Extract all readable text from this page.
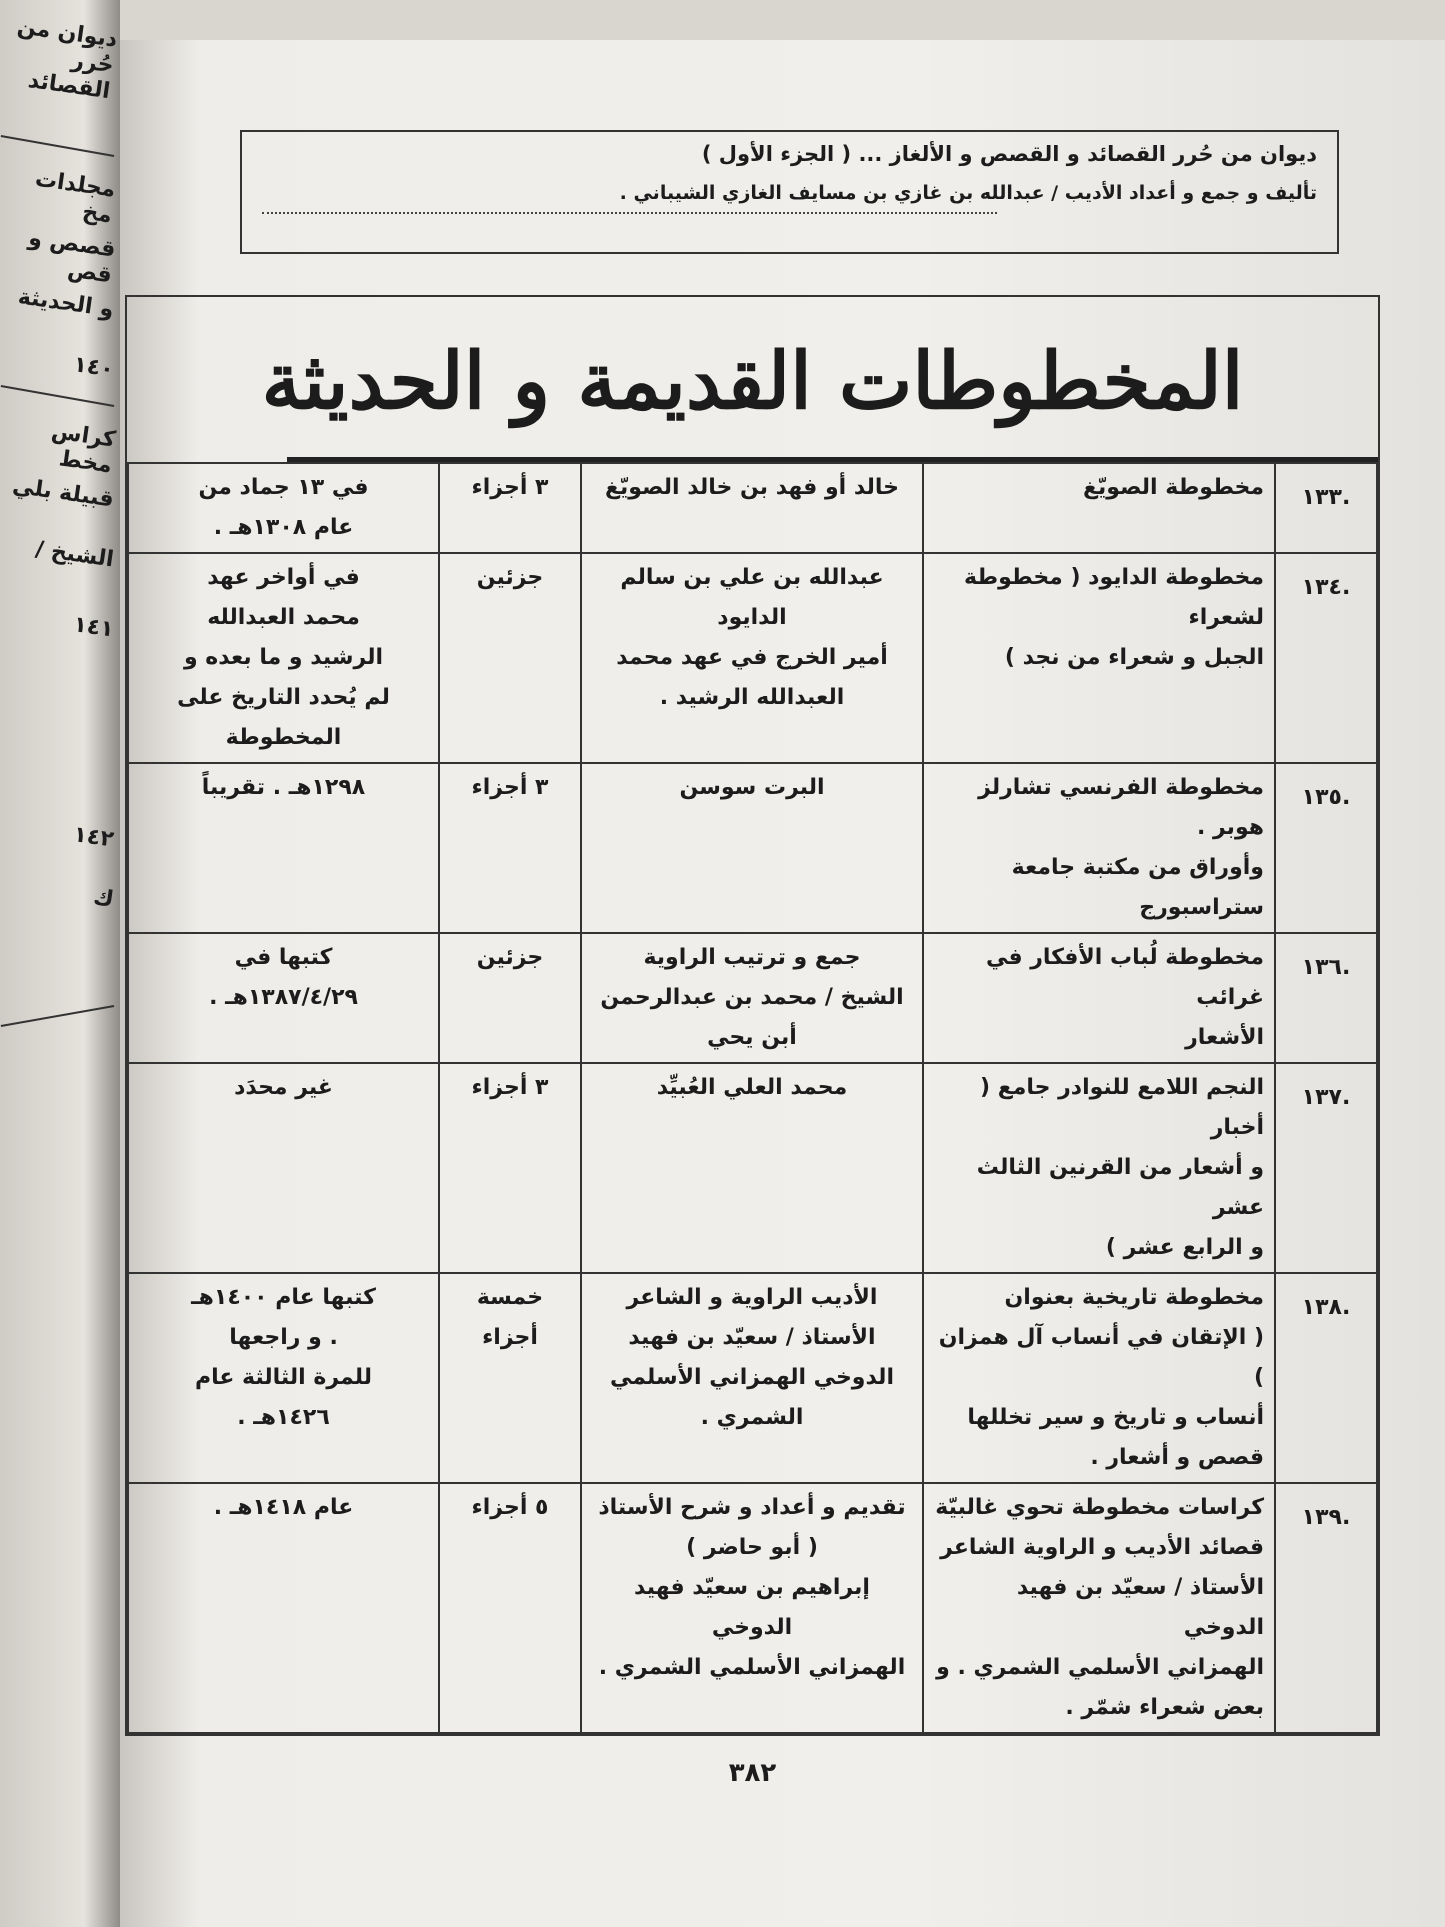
ديوان من حُرر القصائد
مجلدات مخ
قصص و قص
و الحديثة
١٤٠
كراس مخط
قبيلة بلي
الشيخ /
١٤١
١٤٢
ك
ديوان من حُرر القصائد و القصص و الألغاز ... ( الجزء الأول )
تأليف و جمع و أعداد الأديب / عبدالله بن غازي بن مسايف الغازي الشيباني .
المخطوطات القديمة و الحديثة
.١٣٣	مخطوطة الصويّغ	خالد أو فهد بن خالد الصويّغ	٣ أجزاء	في ١٣ جماد من
عام ١٣٠٨هـ .

.١٣٤	مخطوطة الدايود ( مخطوطة لشعراء
الجبل و شعراء من نجد )	عبدالله بن علي بن سالم
الدايود
أمير الخرج في عهد محمد
العبدالله الرشيد .	جزئين	في أواخر عهد
محمد العبدالله
الرشيد و ما بعده و
لم يُحدد التاريخ على
المخطوطة

.١٣٥	مخطوطة الفرنسي تشارلز هوبر .
وأوراق من مكتبة جامعة
ستراسبورج	البرت سوسن	٣ أجزاء	١٢٩٨هـ . تقريباً

.١٣٦	مخطوطة لُباب الأفكار في غرائب
الأشعار	جمع و ترتيب الراوية
الشيخ / محمد بن عبدالرحمن
أبن يحي	جزئين	كتبها في
١٣٨٧/٤/٢٩هـ .

.١٣٧	النجم اللامع للنوادر جامع ( أخبار
و أشعار من القرنين الثالث عشر
و الرابع عشر )	محمد العلي العُبيِّد	٣ أجزاء	غير محدَد

.١٣٨	مخطوطة تاريخية بعنوان
( الإتقان في أنساب آل همزان )
أنساب و تاريخ و سير تخللها
قصص و أشعار .	الأديب الراوية و الشاعر
الأستاذ / سعيّد بن فهيد
الدوخي الهمزاني الأسلمي
الشمري .	خمسة
أجزاء	كتبها عام ١٤٠٠هـ
. و راجعها
للمرة الثالثة عام
١٤٢٦هـ .

.١٣٩	كراسات مخطوطة تحوي غالبيّة
قصائد الأديب و الراوية الشاعر
الأستاذ / سعيّد بن فهيد الدوخي
الهمزاني الأسلمي الشمري . و
بعض شعراء شمّر .	تقديم و أعداد و شرح الأستاذ
( أبو حاضر )
إبراهيم بن سعيّد فهيد الدوخي
الهمزاني الأسلمي الشمري .	٥ أجزاء	عام ١٤١٨هـ .
٣٨٢
